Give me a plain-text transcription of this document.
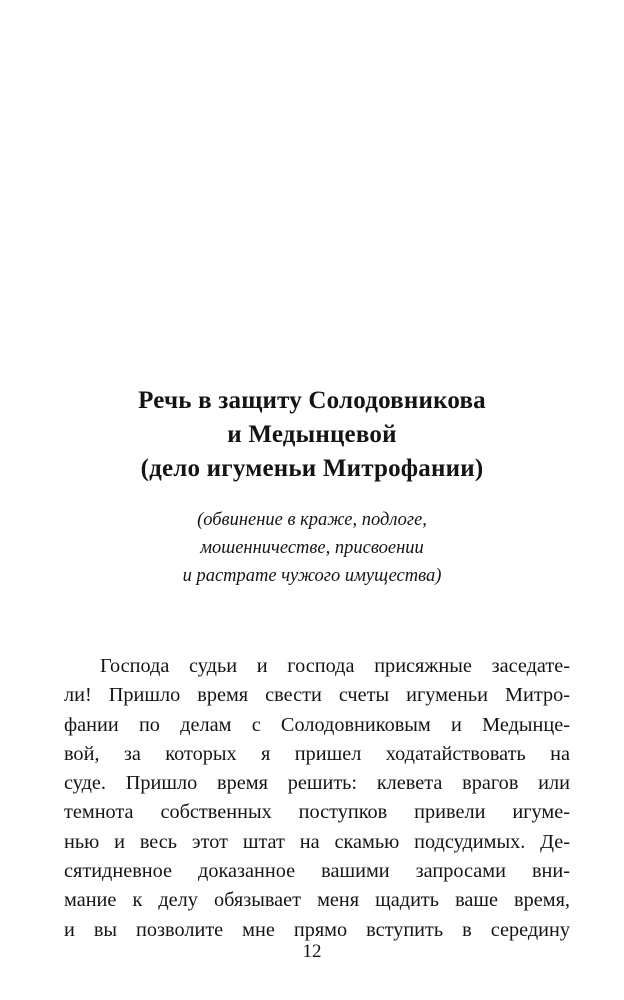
Речь в защиту Солодовникова
и Медынцевой
(дело игуменьи Митрофании)
(обвинение в краже, подлоге,
мошенничестве, присвоении
и растрате чужого имущества)
Господа судьи и господа присяжные заседате-
ли! Пришло время свести счеты игуменьи Митро-
фании по делам с Солодовниковым и Медынце-
вой, за которых я пришел ходатайствовать на
суде. Пришло время решить: клевета врагов или
темнота собственных поступков привели игуме-
нью и весь этот штат на скамью подсудимых. Де-
сятидневное доказанное вашими запросами вни-
мание к делу обязывает меня щадить ваше время,
и вы позволите мне прямо вступить в середину
12
